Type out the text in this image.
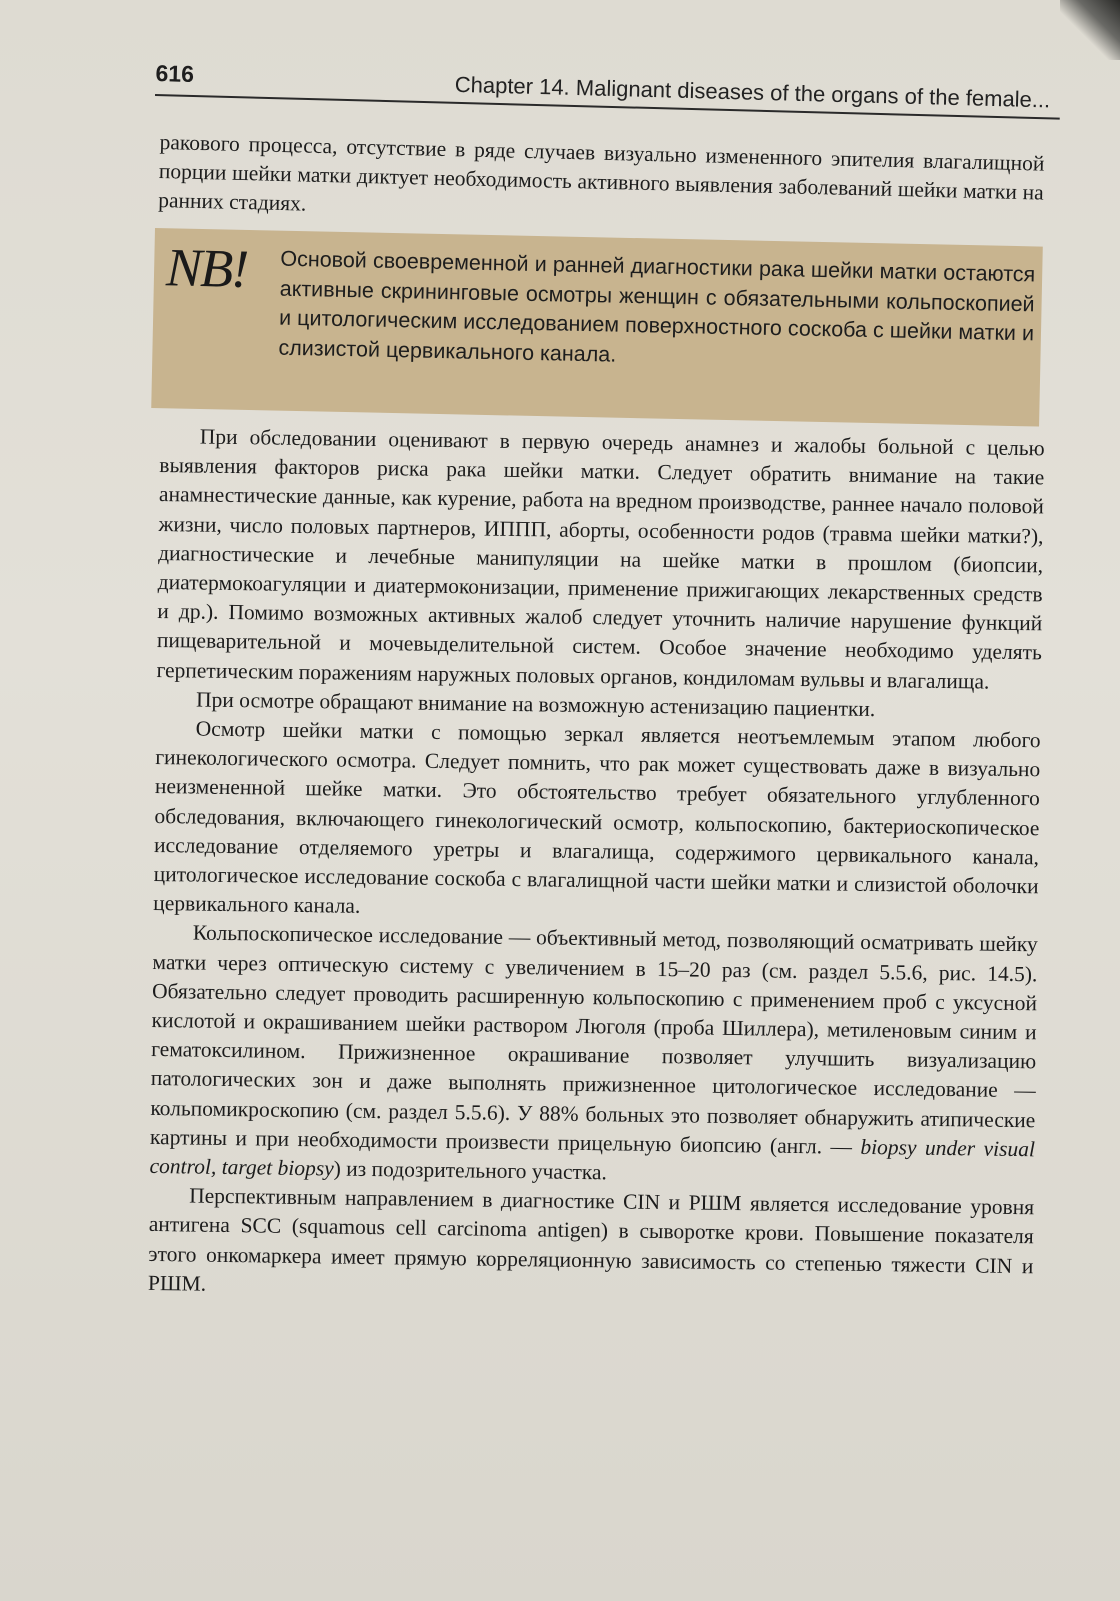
616	Chapter 14. Malignant diseases of the organs of the female...

ракового процесса, отсутствие в ряде случаев визуально измененного эпителия влагалищной порции шейки матки диктует необходимость активного выявления заболеваний шейки матки на ранних стадиях.

NB! Основой своевременной и ранней диагностики рака шейки матки остаются активные скрининговые осмотры женщин с обязательными кольпоскопией и цитологическим исследованием поверхностного соскоба с шейки матки и слизистой цервикального канала.

При обследовании оценивают в первую очередь анамнез и жалобы больной с целью выявления факторов риска рака шейки матки. Следует обратить внимание на такие анамнестические данные, как курение, работа на вредном производстве, раннее начало половой жизни, число половых партнеров, ИППП, аборты, особенности родов (травма шейки матки?), диагностические и лечебные манипуляции на шейке матки в прошлом (биопсии, диатермокоагуляции и диатермоконизации, применение прижигающих лекарственных средств и др.). Помимо возможных активных жалоб следует уточнить наличие нарушение функций пищеварительной и мочевыделительной систем. Особое значение необходимо уделять герпетическим поражениям наружных половых органов, кондиломам вульвы и влагалища.

При осмотре обращают внимание на возможную астенизацию пациентки.

Осмотр шейки матки с помощью зеркал является неотъемлемым этапом любого гинекологического осмотра. Следует помнить, что рак может существовать даже в визуально неизмененной шейке матки. Это обстоятельство требует обязательного углубленного обследования, включающего гинекологический осмотр, кольпоскопию, бактериоскопическое исследование отделяемого уретры и влагалища, содержимого цервикального канала, цитологическое исследование соскоба с влагалищной части шейки матки и слизистой оболочки цервикального канала.

Кольпоскопическое исследование — объективный метод, позволяющий осматривать шейку матки через оптическую систему с увеличением в 15–20 раз (см. раздел 5.5.6, рис. 14.5). Обязательно следует проводить расширенную кольпоскопию с применением проб с уксусной кислотой и окрашиванием шейки раствором Люголя (проба Шиллера), метиленовым синим и гематоксилином. Прижизненное окрашивание позволяет улучшить визуализацию патологических зон и даже выполнять прижизненное цитологическое исследование — кольпомикроскопию (см. раздел 5.5.6). У 88% больных это позволяет обнаружить атипические картины и при необходимости произвести прицельную биопсию (англ. — biopsy under visual control, target biopsy) из подозрительного участка.

Перспективным направлением в диагностике CIN и РШМ является исследование уровня антигена SCC (squamous cell carcinoma antigen) в сыворотке крови. Повышение показателя этого онкомаркера имеет прямую корреляционную зависимость со степенью тяжести CIN и РШМ.
